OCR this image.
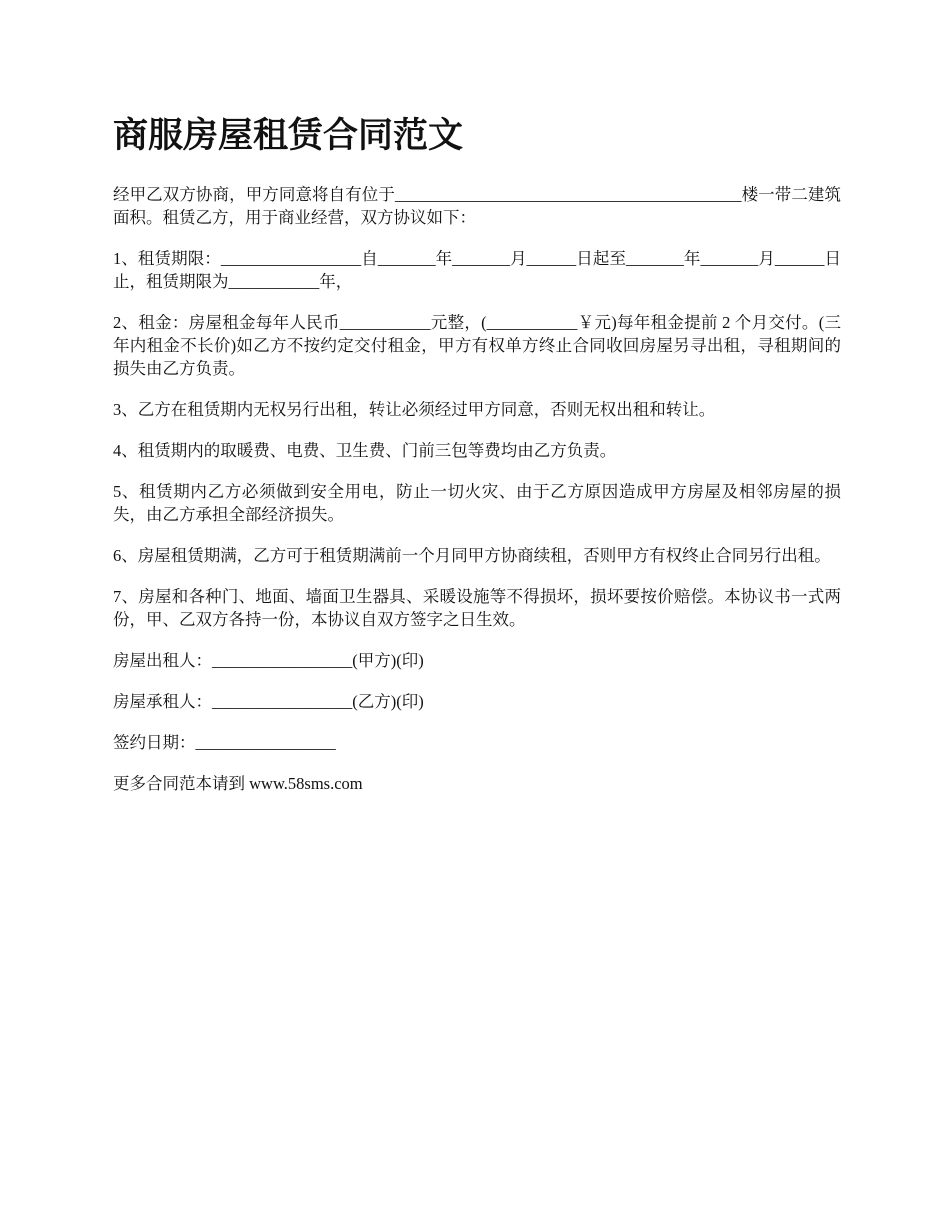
商服房屋租赁合同范文

经甲乙双方协商，甲方同意将自有位于__________________________________________楼一带二建筑面积。租赁乙方，用于商业经营，双方协议如下：

1、租赁期限：_________________自_______年_______月______日起至_______年_______月______日止，租赁期限为___________年，

2、租金：房屋租金每年人民币___________元整，(___________￥元)每年租金提前 2 个月交付。(三年内租金不长价)如乙方不按约定交付租金，甲方有权单方终止合同收回房屋另寻出租，寻租期间的损失由乙方负责。

3、乙方在租赁期内无权另行出租，转让必须经过甲方同意，否则无权出租和转让。

4、租赁期内的取暖费、电费、卫生费、门前三包等费均由乙方负责。

5、租赁期内乙方必须做到安全用电，防止一切火灾、由于乙方原因造成甲方房屋及相邻房屋的损失，由乙方承担全部经济损失。

6、房屋租赁期满，乙方可于租赁期满前一个月同甲方协商续租，否则甲方有权终止合同另行出租。

7、房屋和各种门、地面、墙面卫生器具、采暖设施等不得损坏，损坏要按价赔偿。本协议书一式两份，甲、乙双方各持一份，本协议自双方签字之日生效。

房屋出租人：_________________(甲方)(印)

房屋承租人：_________________(乙方)(印)

签约日期：_________________

更多合同范本请到 www.58sms.com
